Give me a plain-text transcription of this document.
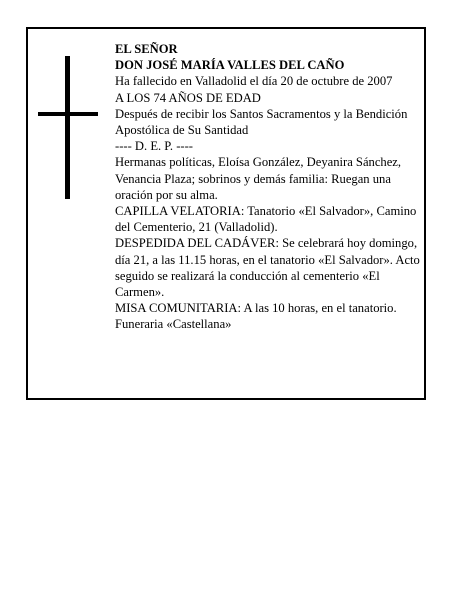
EL SEÑOR

DON JOSÉ MARÍA VALLES DEL CAÑO

Ha fallecido en Valladolid el día 20 de octubre de 2007

A LOS 74 AÑOS DE EDAD

Después de recibir los Santos Sacramentos y la Bendición Apostólica de Su Santidad

---- D. E. P. ----

Hermanas políticas, Eloísa González, Deyanira Sánchez, Venancia Plaza; sobrinos y demás familia: Ruegan una oración por su alma.

CAPILLA VELATORIA: Tanatorio «El Salvador», Camino del Cementerio, 21 (Valladolid).

DESPEDIDA DEL CADÁVER: Se celebrará hoy domingo, día 21, a las 11.15 horas, en el tanatorio «El Salvador». Acto seguido se realizará la conducción al cementerio «El Carmen».

MISA COMUNITARIA: A las 10 horas, en el tanatorio.

Funeraria «Castellana»
